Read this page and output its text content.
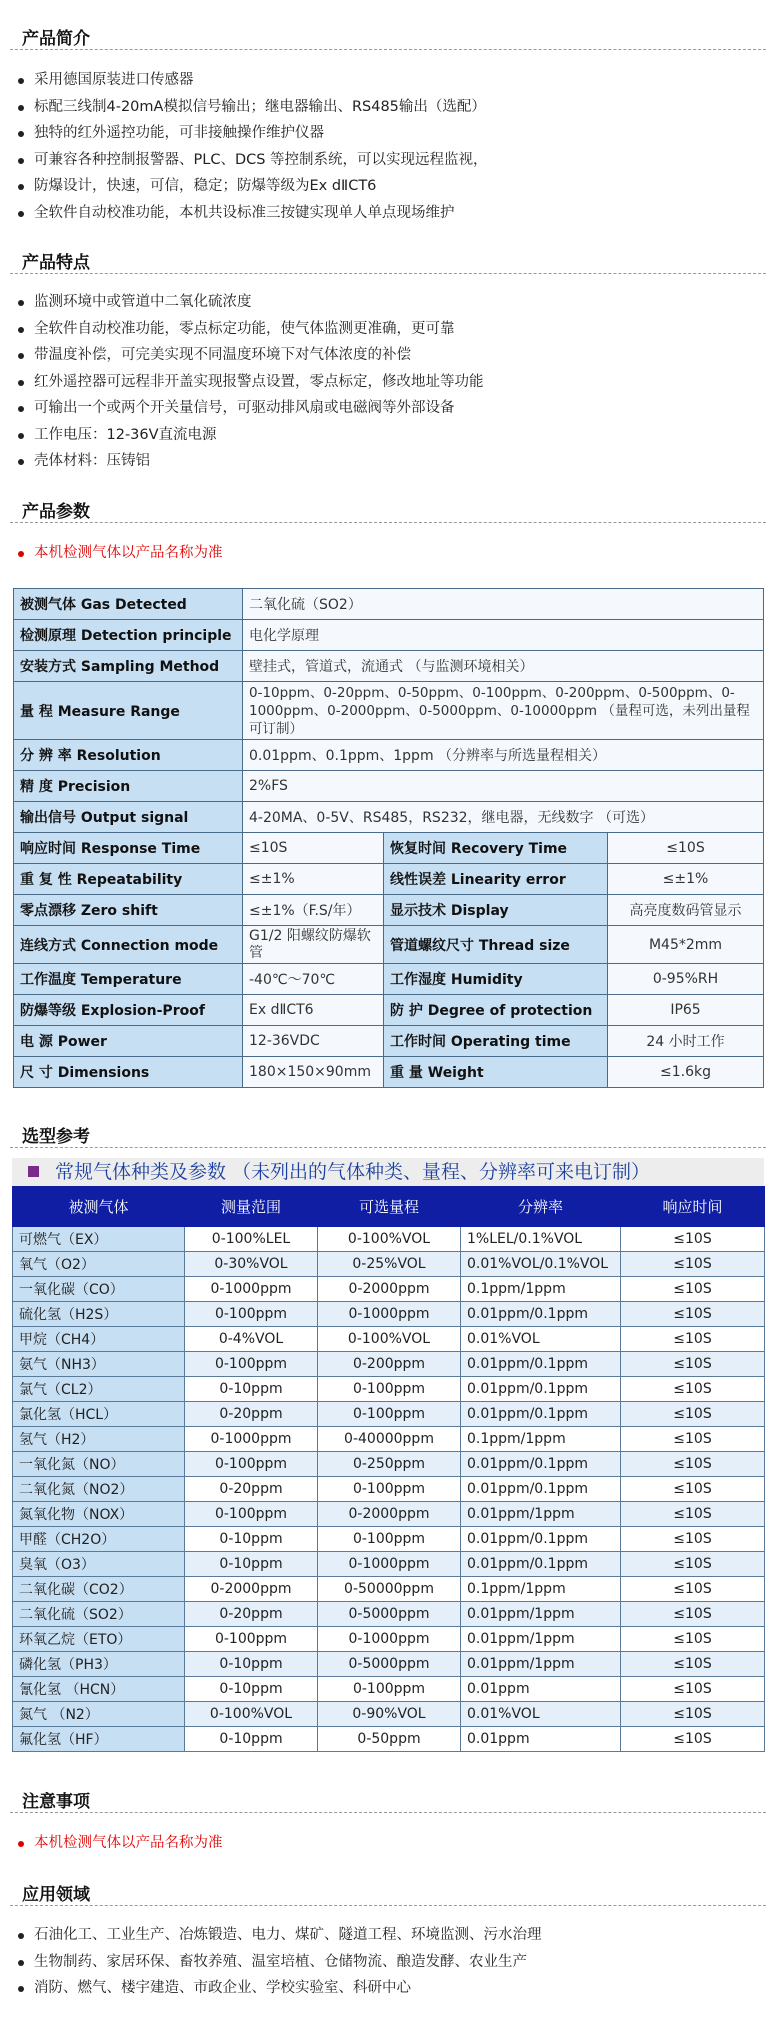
产品简介
采用德国原装进口传感器
标配三线制4-20mA模拟信号输出；继电器输出、RS485输出（选配）
独特的红外遥控功能，可非接触操作维护仪器
可兼容各种控制报警器、PLC、DCS 等控制系统，可以实现远程监视，
防爆设计，快速，可信，稳定；防爆等级为Ex dⅡCT6
全软件自动校准功能，本机共设标准三按键实现单人单点现场维护
产品特点
监测环境中或管道中二氧化硫浓度
全软件自动校准功能，零点标定功能，使气体监测更准确，更可靠
带温度补偿，可完美实现不同温度环境下对气体浓度的补偿
红外遥控器可远程非开盖实现报警点设置，零点标定，修改地址等功能
可输出一个或两个开关量信号，可驱动排风扇或电磁阀等外部设备
工作电压：12-36V直流电源
壳体材料：压铸铝
产品参数
本机检测气体以产品名称为准
被测气体 Gas Detected	二氧化硫（SO2）		
检测原理 Detection principle	电化学原理		
安装方式 Sampling Method	壁挂式，管道式，流通式 （与监测环境相关）		
量 程 Measure Range	0-10ppm、0-20ppm、0-50ppm、0-100ppm、0-200ppm、0-500ppm、0-1000ppm、0-2000ppm、0-5000ppm、0-10000ppm （量程可选，未列出量程可订制）		
分 辨 率 Resolution	0.01ppm、0.1ppm、1ppm （分辨率与所选量程相关）		
精 度 Precision	2%FS		
输出信号 Output signal	4-20MA、0-5V、RS485，RS232，继电器，无线数字 （可选）		
响应时间 Response Time	≤10S	恢复时间 Recovery Time	≤10S
重 复 性 Repeatability	≤±1%	线性误差 Linearity error	≤±1%
零点漂移 Zero shift	≤±1%（F.S/年）	显示技术 Display	高亮度数码管显示
连线方式 Connection mode	G1/2 阳螺纹防爆软管	管道螺纹尺寸 Thread size	M45*2mm
工作温度 Temperature	-40℃～70℃	工作湿度 Humidity	0-95%RH
防爆等级 Explosion-Proof	Ex dⅡCT6	防 护 Degree of protection	IP65
电 源 Power	12-36VDC	工作时间 Operating time	24 小时工作
尺 寸 Dimensions	180×150×90mm	重 量 Weight	≤1.6kg
选型参考
常规气体种类及参数 （未列出的气体种类、量程、分辨率可来电订制）
被测气体	测量范围	可选量程	分辨率	响应时间
可燃气（EX）	0-100%LEL	0-100%VOL	1%LEL/0.1%VOL	≤10S
氧气（O2）	0-30%VOL	0-25%VOL	0.01%VOL/0.1%VOL	≤10S
一氧化碳（CO）	0-1000ppm	0-2000ppm	0.1ppm/1ppm	≤10S
硫化氢（H2S）	0-100ppm	0-1000ppm	0.01ppm/0.1ppm	≤10S
甲烷（CH4）	0-4%VOL	0-100%VOL	0.01%VOL	≤10S
氨气（NH3）	0-100ppm	0-200ppm	0.01ppm/0.1ppm	≤10S
氯气（CL2）	0-10ppm	0-100ppm	0.01ppm/0.1ppm	≤10S
氯化氢（HCL）	0-20ppm	0-100ppm	0.01ppm/0.1ppm	≤10S
氢气（H2）	0-1000ppm	0-40000ppm	0.1ppm/1ppm	≤10S
一氧化氮（NO）	0-100ppm	0-250ppm	0.01ppm/0.1ppm	≤10S
二氧化氮（NO2）	0-20ppm	0-100ppm	0.01ppm/0.1ppm	≤10S
氮氧化物（NOX）	0-100ppm	0-2000ppm	0.01ppm/1ppm	≤10S
甲醛（CH2O）	0-10ppm	0-100ppm	0.01ppm/0.1ppm	≤10S
臭氧（O3）	0-10ppm	0-1000ppm	0.01ppm/0.1ppm	≤10S
二氧化碳（CO2）	0-2000ppm	0-50000ppm	0.1ppm/1ppm	≤10S
二氧化硫（SO2）	0-20ppm	0-5000ppm	0.01ppm/1ppm	≤10S
环氧乙烷（ETO）	0-100ppm	0-1000ppm	0.01ppm/1ppm	≤10S
磷化氢（PH3）	0-10ppm	0-5000ppm	0.01ppm/1ppm	≤10S
氰化氢 （HCN）	0-10ppm	0-100ppm	0.01ppm	≤10S
氮气 （N2）	0-100%VOL	0-90%VOL	0.01%VOL	≤10S
氟化氢（HF）	0-10ppm	0-50ppm	0.01ppm	≤10S
注意事项
本机检测气体以产品名称为准
应用领域
石油化工、工业生产、冶炼锻造、电力、煤矿、隧道工程、环境监测、污水治理
生物制药、家居环保、畜牧养殖、温室培植、仓储物流、酿造发酵、农业生产
消防、燃气、楼宇建造、市政企业、学校实验室、科研中心
